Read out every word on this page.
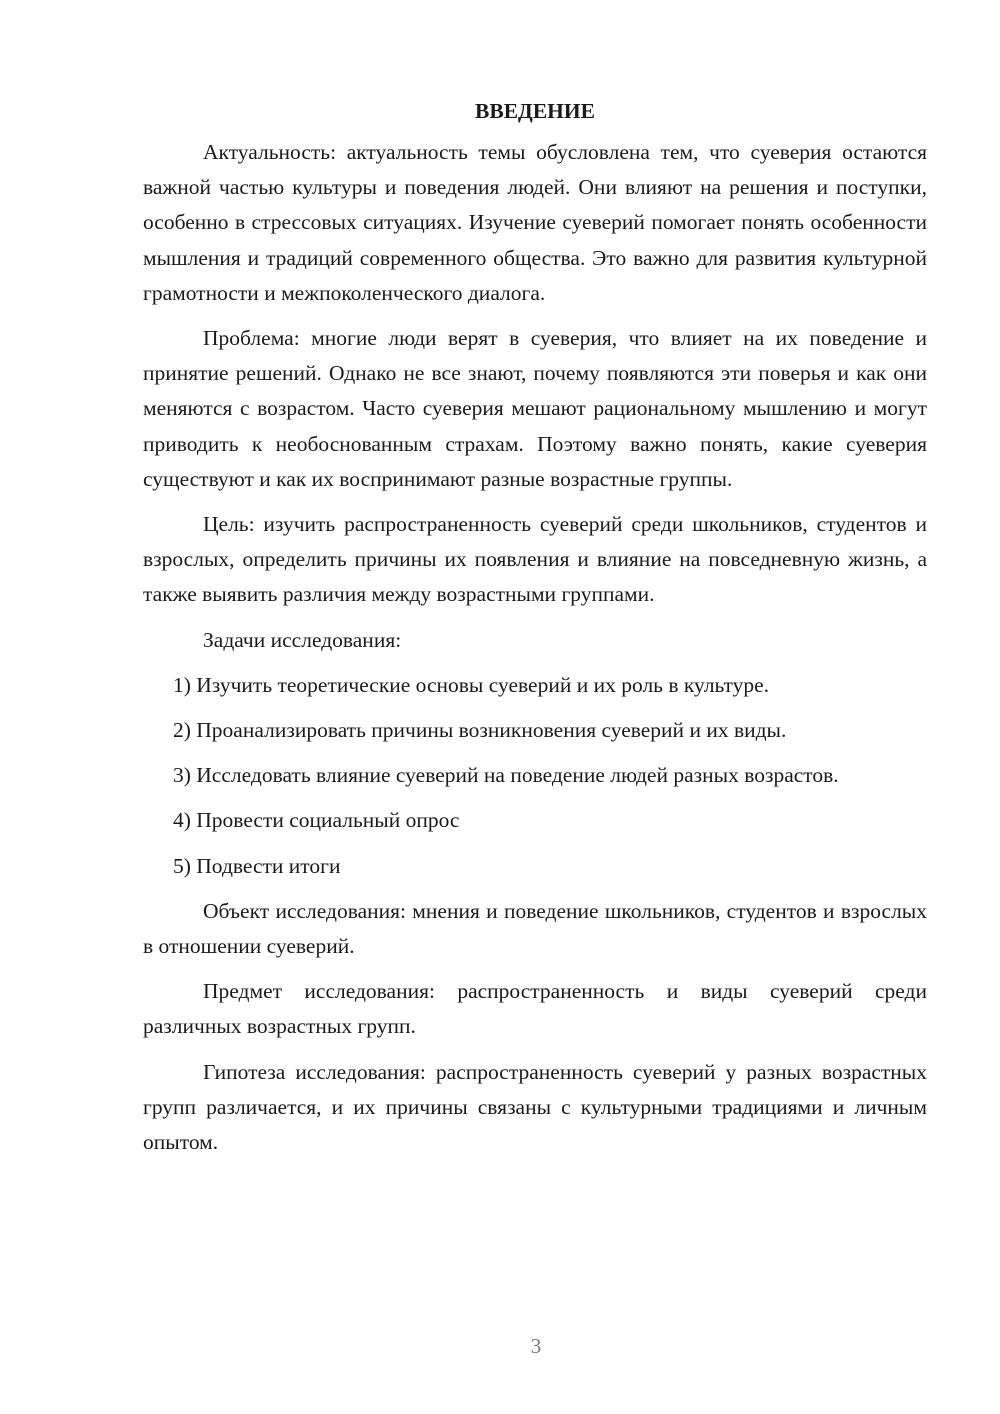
ВВЕДЕНИЕ

Актуальность: актуальность темы обусловлена тем, что суеверия остаются важной частью культуры и поведения людей. Они влияют на решения и поступки, особенно в стрессовых ситуациях. Изучение суеверий помогает понять особенности мышления и традиций современного общества. Это важно для развития культурной грамотности и межпоколенческого диалога.

Проблема: многие люди верят в суеверия, что влияет на их поведение и принятие решений. Однако не все знают, почему появляются эти поверья и как они меняются с возрастом. Часто суеверия мешают рациональному мышлению и могут приводить к необоснованным страхам. Поэтому важно понять, какие суеверия существуют и как их воспринимают разные возрастные группы.

Цель: изучить распространенность суеверий среди школьников, студентов и взрослых, определить причины их появления и влияние на повседневную жизнь, а также выявить различия между возрастными группами.

Задачи исследования:

1) Изучить теоретические основы суеверий и их роль в культуре.

2) Проанализировать причины возникновения суеверий и их виды.

3) Исследовать влияние суеверий на поведение людей разных возрастов.

4) Провести социальный опрос

5) Подвести итоги

Объект исследования: мнения и поведение школьников, студентов и взрослых в отношении суеверий.

Предмет исследования: распространенность и виды суеверий среди различных возрастных групп.

Гипотеза исследования: распространенность суеверий у разных возрастных групп различается, и их причины связаны с культурными традициями и личным опытом.

3
